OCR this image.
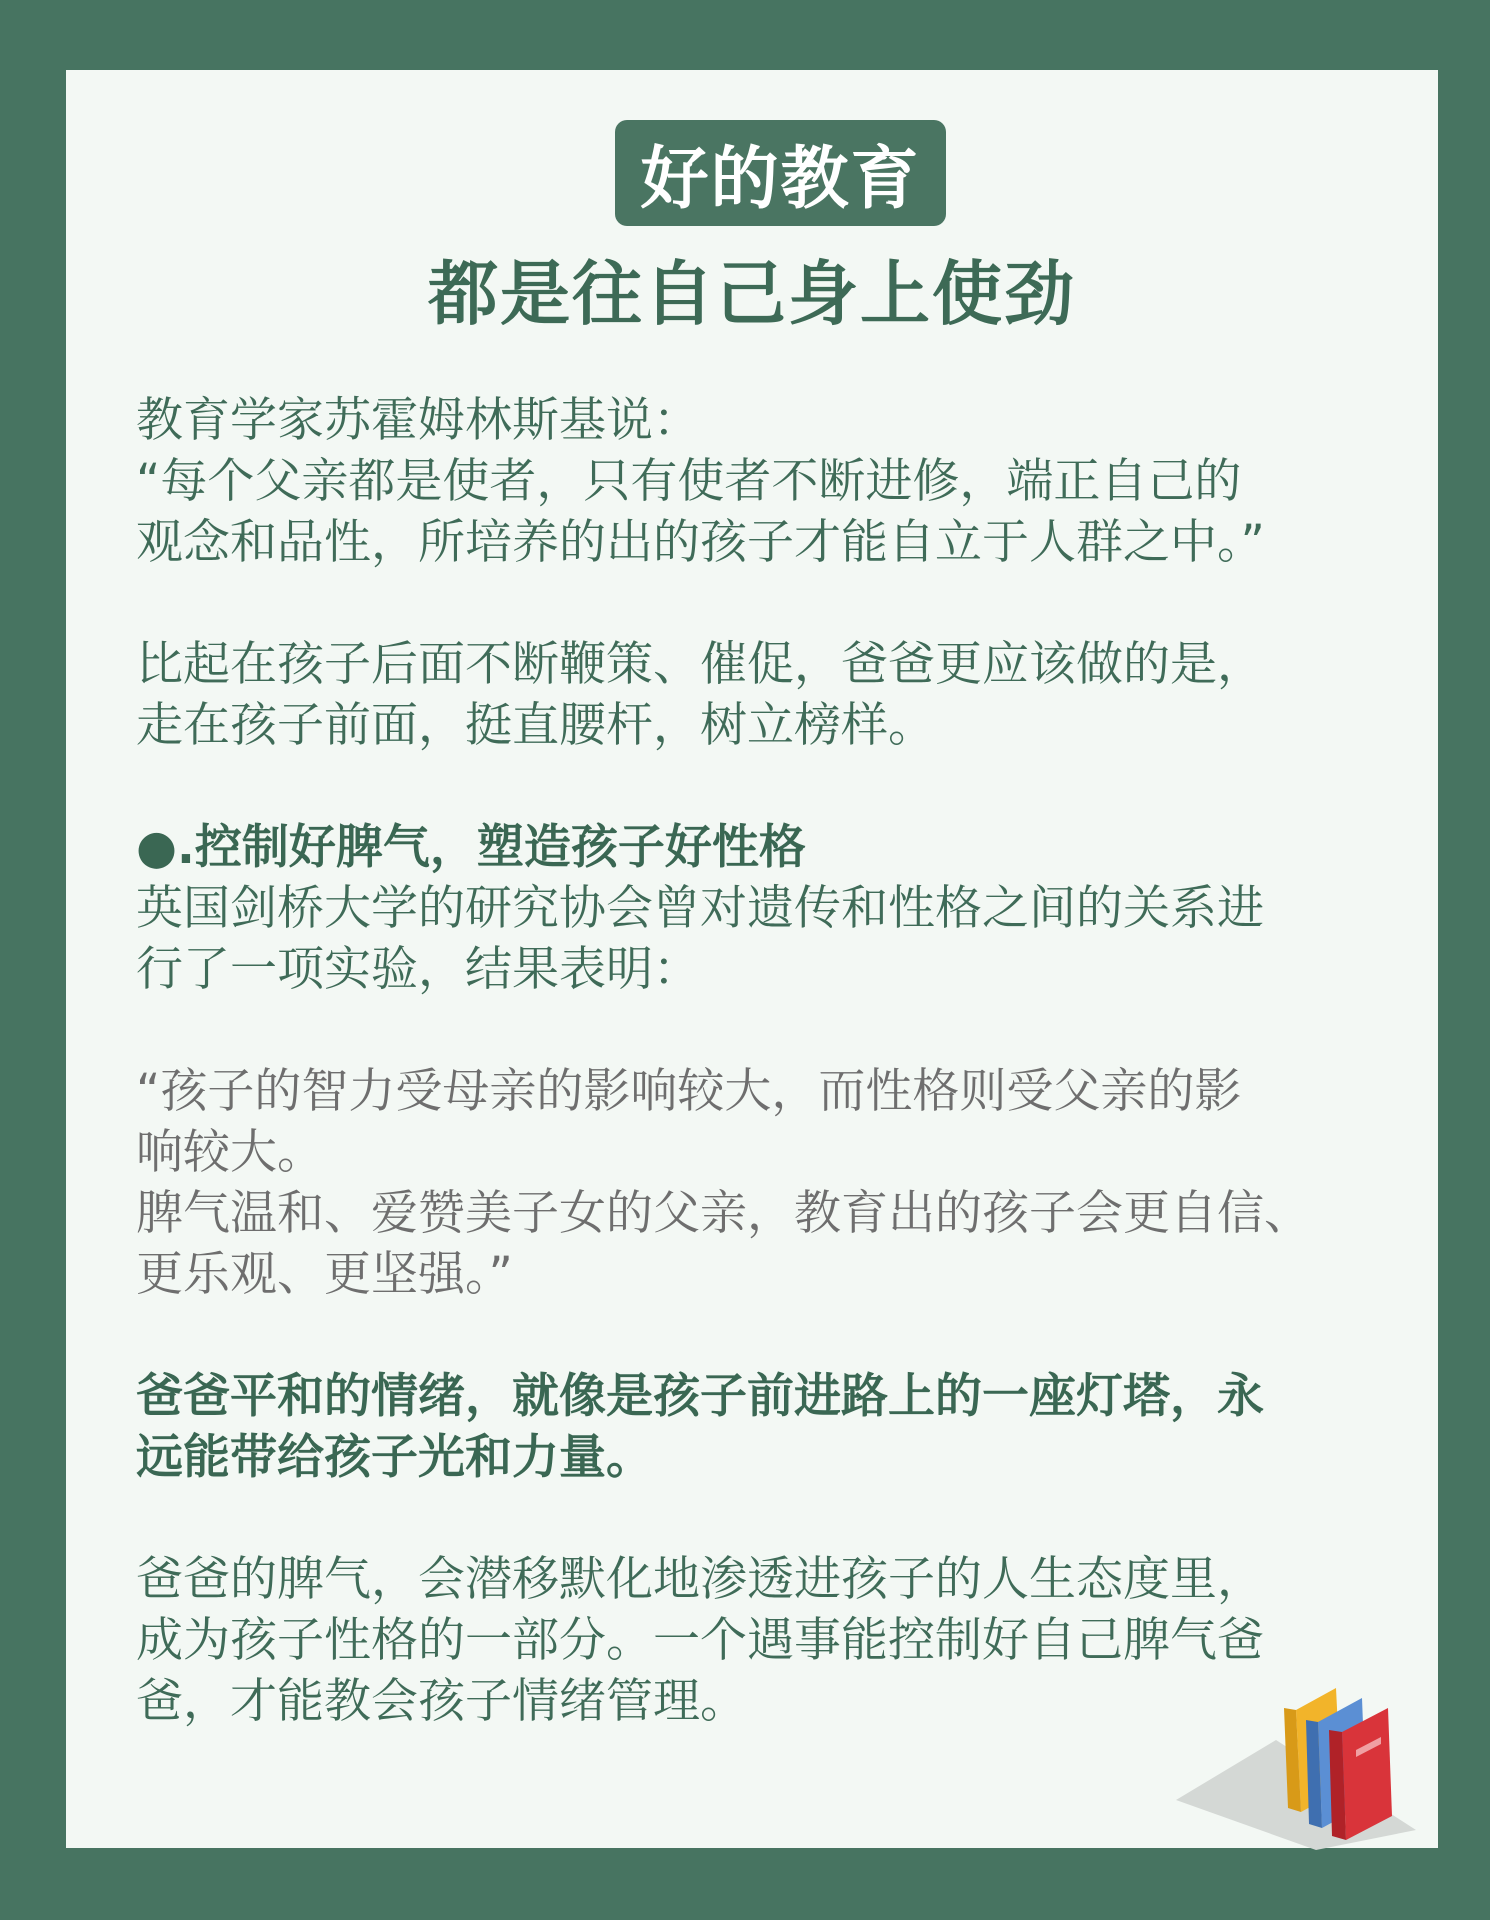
好的教育
都是往自己身上使劲

教育学家苏霍姆林斯基说：
“每个父亲都是使者，只有使者不断进修，端正自己的
观念和品性，所培养的出的孩子才能自立于人群之中。”

比起在孩子后面不断鞭策、催促，爸爸更应该做的是，
走在孩子前面，挺直腰杆，树立榜样。

●.控制好脾气，塑造孩子好性格

英国剑桥大学的研究协会曾对遗传和性格之间的关系进
行了一项实验，结果表明：

“孩子的智力受母亲的影响较大，而性格则受父亲的影
响较大。
脾气温和、爱赞美子女的父亲，教育出的孩子会更自信、
更乐观、更坚强。”

爸爸平和的情绪，就像是孩子前进路上的一座灯塔，永
远能带给孩子光和力量。

爸爸的脾气，会潜移默化地渗透进孩子的人生态度里，
成为孩子性格的一部分。一个遇事能控制好自己脾气爸
爸，才能教会孩子情绪管理。
